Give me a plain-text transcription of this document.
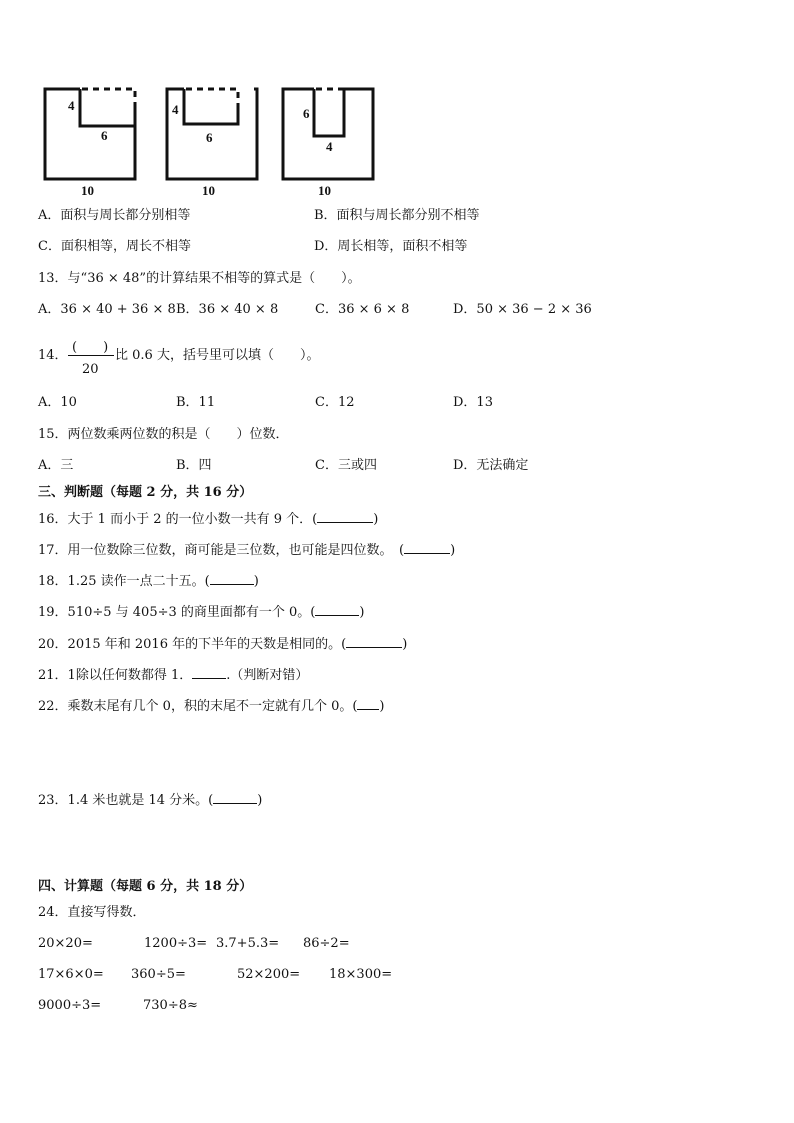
4
6
10
4
6
10
6
4
10
A．面积与周长都分别相等	B．面积与周长都分别不相等
C．面积相等，周长不相等	D．周长相等，面积不相等
13．与“36 × 48”的计算结果不相等的算式是（　　）。
A．36 × 40 + 36 × 8 B．36 × 40 × 8	C．36 × 6 × 8	D．50 × 36 − 2 × 36
14．
(　　)
20
比 0.6 大，括号里可以填（　　）。
A．10	B．11	C．12	D．13
15．两位数乘两位数的积是（　　）位数．
A．三	B．四	C．三或四	D．无法确定
三、判断题（每题 2 分，共 16 分）
16．大于 1 而小于 2 的一位小数一共有 9 个．(	)
17．用一位数除三位数，商可能是三位数，也可能是四位数。　(	)
18．1.25 读作一点二十五。(	)
19．510÷5 与 405÷3 的商里面都有一个 0。(	)
20．2015 年和 2016 年的下半年的天数是相同的。(	)
21．1除以任何数都得 1．	.（判断对错）
22．乘数末尾有几个 0，积的末尾不一定就有几个 0。( )
23．1.4 米也就是 14 分米。(	)
四、计算题（每题 6 分，共 18 分）
24．直接写得数．
20×20=	1200÷3= 3.7+5.3= 86÷2=
17×6×0= 360÷5=	52×200= 18×300=
9000÷3=	730÷8≈
